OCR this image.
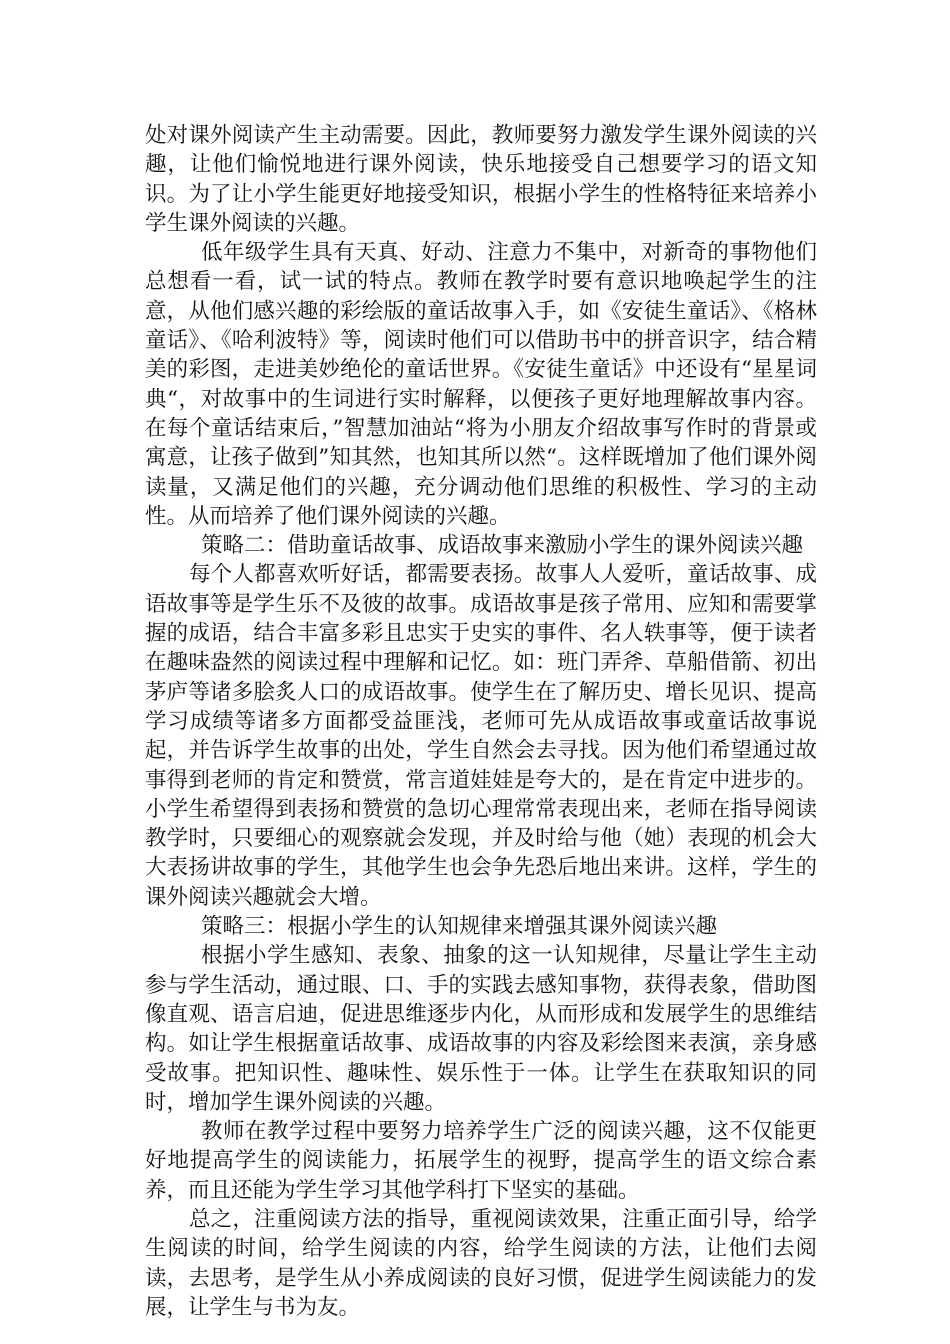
处对课外阅读产生主动需要。因此，教师要努力激发学生课外阅读的兴趣，让他们愉悦地进行课外阅读，快乐地接受自己想要学习的语文知识。为了让小学生能更好地接受知识，根据小学生的性格特征来培养小学生课外阅读的兴趣。

低年级学生具有天真、好动、注意力不集中，对新奇的事物他们总想看一看，试一试的特点。教师在教学时要有意识地唤起学生的注意，从他们感兴趣的彩绘版的童话故事入手，如《安徒生童话》、《格林童话》、《哈利波特》等，阅读时他们可以借助书中的拼音识字，结合精美的彩图，走进美妙绝伦的童话世界。《安徒生童话》中还设有“星星词典“，对故事中的生词进行实时解释，以便孩子更好地理解故事内容。在每个童话结束后，”智慧加油站“将为小朋友介绍故事写作时的背景或寓意，让孩子做到”知其然，也知其所以然“。这样既增加了他们课外阅读量，又满足他们的兴趣，充分调动他们思维的积极性、学习的主动性。从而培养了他们课外阅读的兴趣。

策略二：借助童话故事、成语故事来激励小学生的课外阅读兴趣

每个人都喜欢听好话，都需要表扬。故事人人爱听，童话故事、成语故事等是学生乐不及彼的故事。成语故事是孩子常用、应知和需要掌握的成语，结合丰富多彩且忠实于史实的事件、名人轶事等，便于读者在趣味盎然的阅读过程中理解和记忆。如：班门弄斧、草船借箭、初出茅庐等诸多脍炙人口的成语故事。使学生在了解历史、增长见识、提高学习成绩等诸多方面都受益匪浅，老师可先从成语故事或童话故事说起，并告诉学生故事的出处，学生自然会去寻找。因为他们希望通过故事得到老师的肯定和赞赏，常言道娃娃是夸大的，是在肯定中进步的。小学生希望得到表扬和赞赏的急切心理常常表现出来，老师在指导阅读教学时，只要细心的观察就会发现，并及时给与他（她）表现的机会大大表扬讲故事的学生，其他学生也会争先恐后地出来讲。这样，学生的课外阅读兴趣就会大增。

策略三：根据小学生的认知规律来增强其课外阅读兴趣

根据小学生感知、表象、抽象的这一认知规律，尽量让学生主动参与学生活动，通过眼、口、手的实践去感知事物，获得表象，借助图像直观、语言启迪，促进思维逐步内化，从而形成和发展学生的思维结构。如让学生根据童话故事、成语故事的内容及彩绘图来表演，亲身感受故事。把知识性、趣味性、娱乐性于一体。让学生在获取知识的同时，增加学生课外阅读的兴趣。

教师在教学过程中要努力培养学生广泛的阅读兴趣，这不仅能更好地提高学生的阅读能力，拓展学生的视野，提高学生的语文综合素养，而且还能为学生学习其他学科打下坚实的基础。

总之，注重阅读方法的指导，重视阅读效果，注重正面引导，给学生阅读的时间，给学生阅读的内容，给学生阅读的方法，让他们去阅读，去思考，是学生从小养成阅读的良好习惯，促进学生阅读能力的发展，让学生与书为友。
